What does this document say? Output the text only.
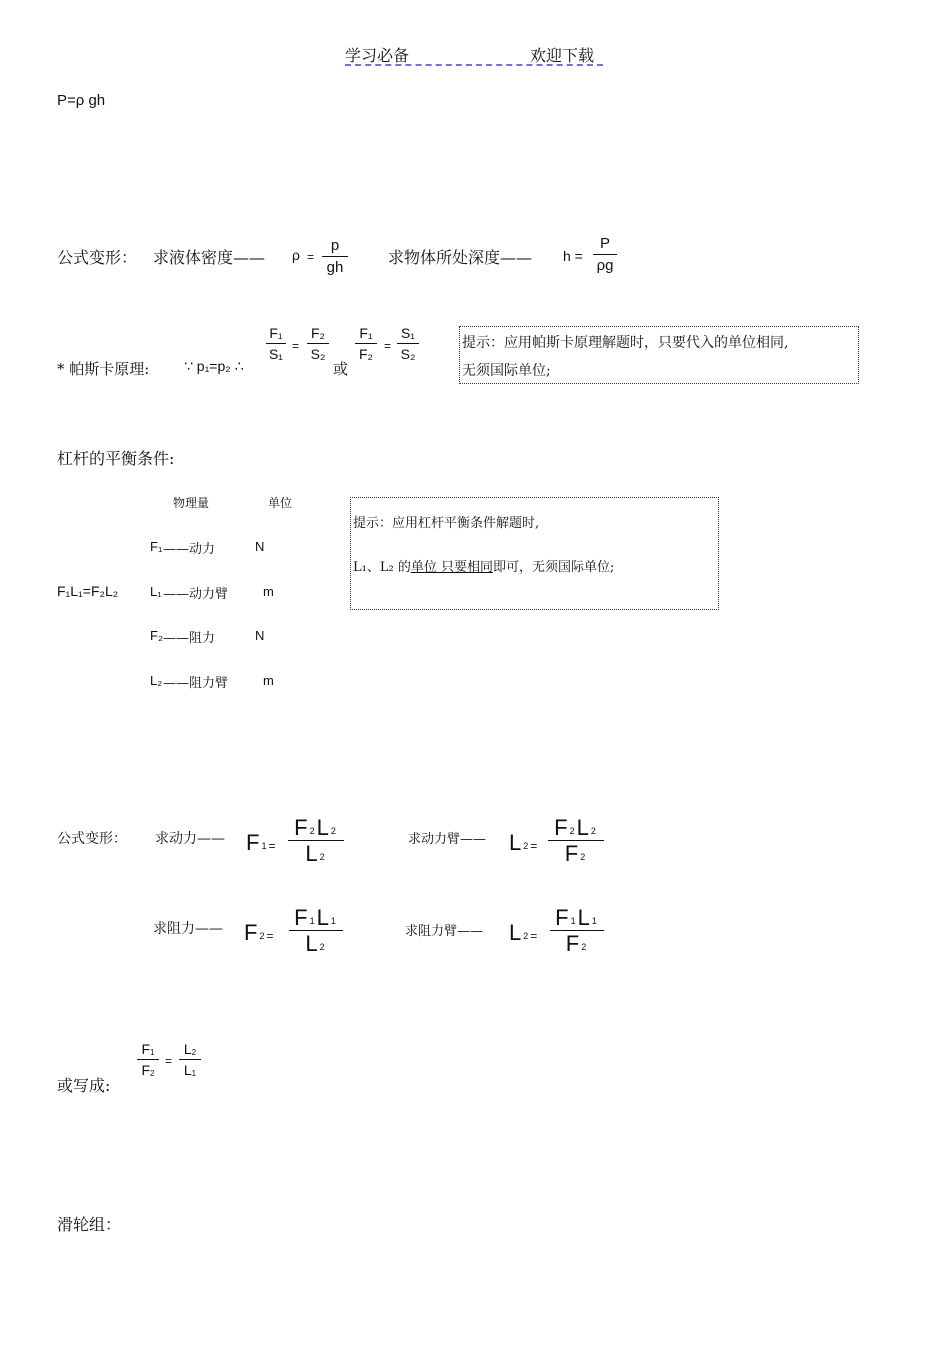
学习必备	欢迎下载
P=ρ gh
公式变形： 求液体密度—— ρ =
p
gh
求物体所处深度—— h =
P
ρg
* 帕斯卡原理: ∵ p₁=p₂ ∴
F₁
S₁
=
F₂
S₂
或
F₁
F₂
=
S₁
S₂
提示：应用帕斯卡原理解题时，只要代入的单位相同,
无须国际单位;
杠杆的平衡条件:
物理量	单位
F₁L₁=F₂L₂
F₁ ——动力	N
L₁ ——动力臂	m
F₂ ——阻力	N
L₂ ——阻力臂	m
提示：应用杠杆平衡条件解题时,
L₁、L₂ 的单位 只要相同即可，无须国际单位;
公式变形： 求动力—— F 1 =
F 2L 2
L 2
求动力臂—— L 2 =
F 2L 2
F 2
求阻力—— F 2 =
F 1L 1
L 2
求阻力臂—— L 2 =
F 1L 1
F 2
或写成:
F1
F2
=
L2
L1
滑轮组：
